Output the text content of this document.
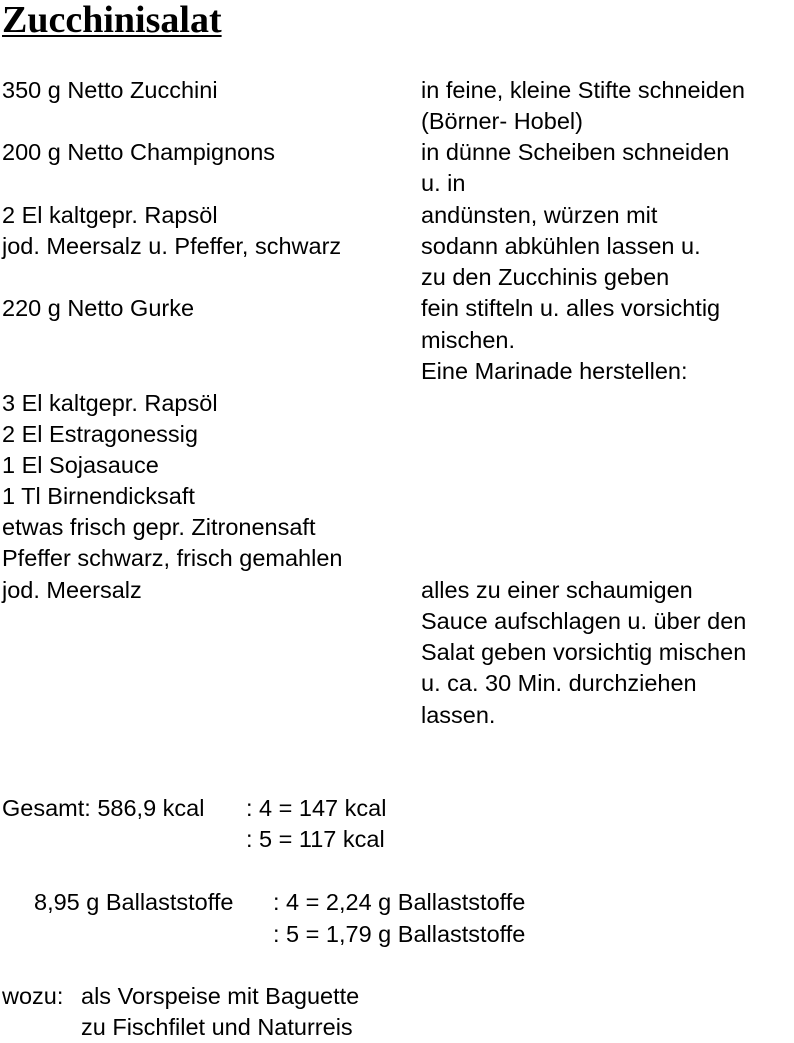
Zucchinisalat
350 g Netto Zucchini
200 g Netto Champignons
2 El kaltgepr. Rapsöl
jod. Meersalz u. Pfeffer, schwarz
220 g Netto Gurke
3 El kaltgepr. Rapsöl
2 El Estragonessig
1 El Sojasauce
1 Tl Birnendicksaft
etwas frisch gepr. Zitronensaft
Pfeffer schwarz, frisch gemahlen
jod. Meersalz
in feine, kleine Stifte schneiden
(Börner- Hobel)
in dünne Scheiben schneiden
u. in
andünsten, würzen mit
sodann abkühlen lassen u.
zu den Zucchinis geben
fein stifteln u. alles vorsichtig
mischen.
Eine Marinade herstellen:
alles zu einer schaumigen
Sauce aufschlagen u. über den
Salat geben vorsichtig mischen
u. ca. 30 Min. durchziehen
lassen.
Gesamt: 586,9 kcal : 4 = 147 kcal
: 5 = 117 kcal
8,95 g Ballaststoffe : 4 = 2,24 g Ballaststoffe
: 5 = 1,79 g Ballaststoffe
wozu: als Vorspeise mit Baguette
zu Fischfilet und Naturreis
